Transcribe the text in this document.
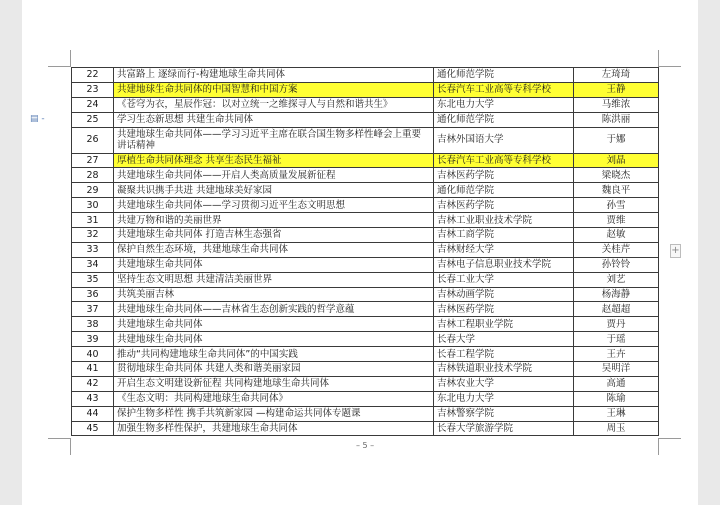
▤ -
+
22	共富路上 逐绿而行-构建地球生命共同体	通化师范学院	左琦琦
23	共建地球生命共同体的中国智慧和中国方案	长春汽车工业高等专科学校	王静
24	《苍穹为衣，星辰作冠：以对立统一之维探寻人与自然和谐共生》	东北电力大学	马维浓
25	学习生态新思想 共建生命共同体	通化师范学院	陈洪丽
26	共建地球生命共同体——学习习近平主席在联合国生物多样性峰会上重要讲话精神	吉林外国语大学	于娜
27	厚植生命共同体理念 共享生态民生福祉	长春汽车工业高等专科学校	刘晶
28	共建地球生命共同体——开启人类高质量发展新征程	吉林医药学院	梁晓杰
29	凝聚共识携手共进 共建地球美好家园	通化师范学院	魏良平
30	共建地球生命共同体——学习贯彻习近平生态文明思想	吉林医药学院	孙雪
31	共建万物和谐的美丽世界	吉林工业职业技术学院	贾维
32	共建地球生命共同体 打造吉林生态强省	吉林工商学院	赵敏
33	保护自然生态环境，共建地球生命共同体	吉林财经大学	关桂芹
34	共建地球生命共同体	吉林电子信息职业技术学院	孙铃铃
35	坚持生态文明思想 共建清洁美丽世界	长春工业大学	刘艺
36	共筑美丽吉林	吉林动画学院	杨海静
37	共建地球生命共同体——吉林省生态创新实践的哲学意蕴	吉林医药学院	赵超超
38	共建地球生命共同体	吉林工程职业学院	贾丹
39	共建地球生命共同体	长春大学	于瑶
40	推动“共同构建地球生命共同体”的中国实践	长春工程学院	王卉
41	贯彻地球生命共同体 共建人类和谐美丽家园	吉林铁道职业技术学院	吴明洋
42	开启生态文明建设新征程 共同构建地球生命共同体	吉林农业大学	高通
43	《生态文明：共同构建地球生命共同体》	东北电力大学	陈瑜
44	保护生物多样性 携手共筑新家园 —构建命运共同体专题课	吉林警察学院	王琳
45	加强生物多样性保护，共建地球生命共同体	长春大学旅游学院	周玉
– 5 –
